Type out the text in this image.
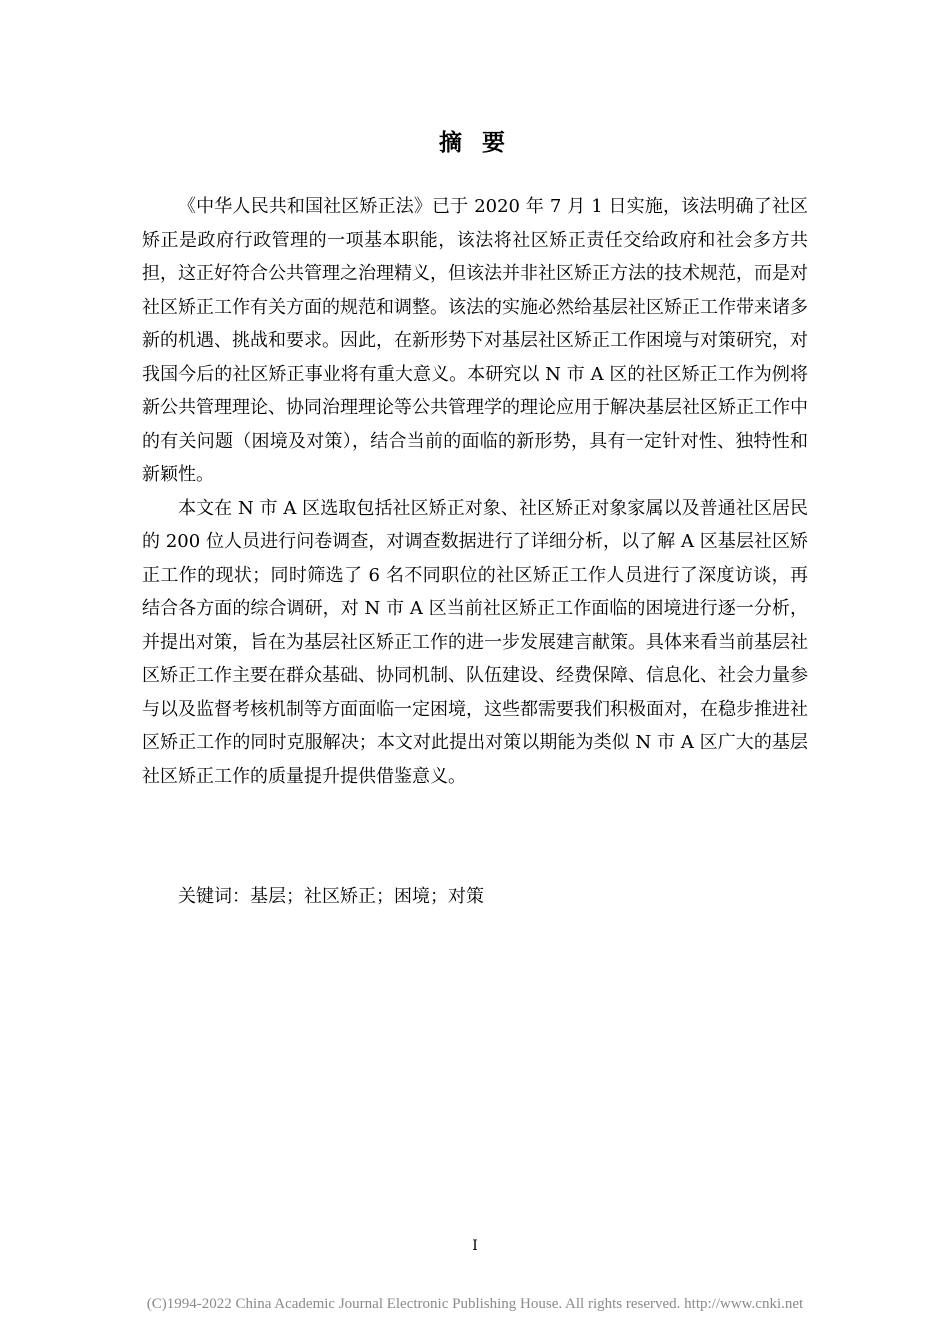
摘 要

《中华人民共和国社区矫正法》已于 2020 年 7 月 1 日实施，该法明确了社区矫正是政府行政管理的一项基本职能，该法将社区矫正责任交给政府和社会多方共担，这正好符合公共管理之治理精义，但该法并非社区矫正方法的技术规范，而是对社区矫正工作有关方面的规范和调整。该法的实施必然给基层社区矫正工作带来诸多新的机遇、挑战和要求。因此，在新形势下对基层社区矫正工作困境与对策研究，对我国今后的社区矫正事业将有重大意义。本研究以 N 市 A 区的社区矫正工作为例将新公共管理理论、协同治理理论等公共管理学的理论应用于解决基层社区矫正工作中的有关问题（困境及对策），结合当前的面临的新形势，具有一定针对性、独特性和新颖性。

本文在 N 市 A 区选取包括社区矫正对象、社区矫正对象家属以及普通社区居民的 200 位人员进行问卷调查，对调查数据进行了详细分析，以了解 A 区基层社区矫正工作的现状；同时筛选了 6 名不同职位的社区矫正工作人员进行了深度访谈，再结合各方面的综合调研，对 N 市 A 区当前社区矫正工作面临的困境进行逐一分析，并提出对策，旨在为基层社区矫正工作的进一步发展建言献策。具体来看当前基层社区矫正工作主要在群众基础、协同机制、队伍建设、经费保障、信息化、社会力量参与以及监督考核机制等方面面临一定困境，这些都需要我们积极面对，在稳步推进社区矫正工作的同时克服解决；本文对此提出对策以期能为类似 N 市 A 区广大的基层社区矫正工作的质量提升提供借鉴意义。

关键词：基层；社区矫正；困境；对策
I
(C)1994-2022 China Academic Journal Electronic Publishing House. All rights reserved. http://www.cnki.net
